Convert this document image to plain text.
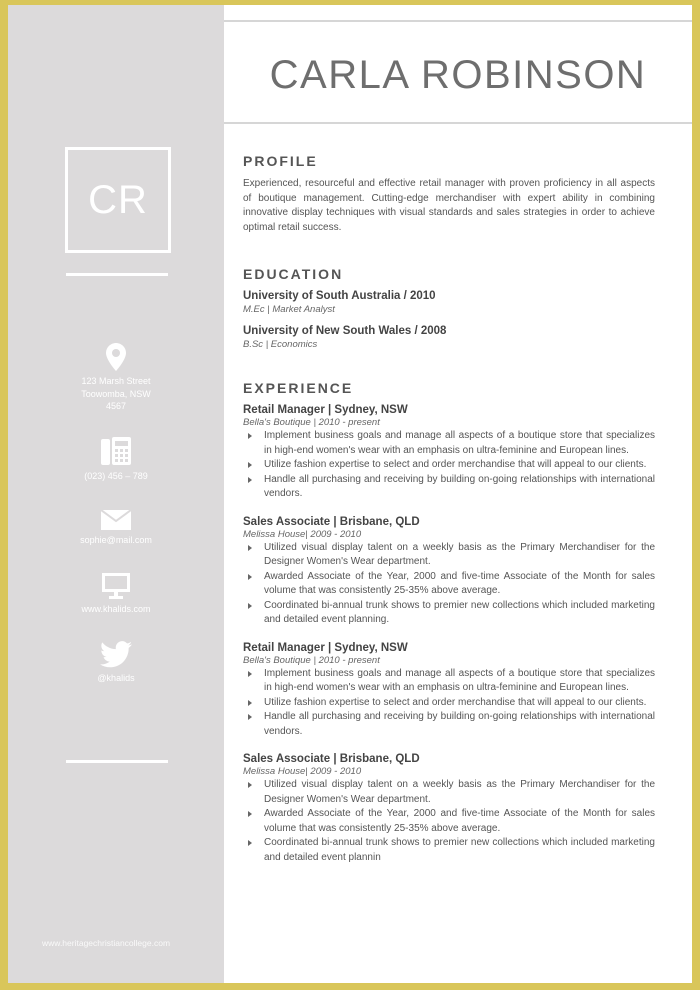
CR
123 Marsh Street
Toowomba, NSW
4567
(023) 456 – 789
sophie@mail.com
www.khalids.com
@khalids
www.heritagechristiancollege.com
CARLA ROBINSON
PROFILE

Experienced, resourceful and effective retail manager with proven proficiency in all aspects of boutique management. Cutting-edge merchandiser with expert ability in combining innovative display techniques with visual standards and sales strategies in order to achieve optimal retail success.

EDUCATION

University of South Australia / 2010

M.Ec | Market Analyst

University of New South Wales / 2008

B.Sc | Economics

EXPERIENCE

Retail Manager | Sydney, NSW

Bella's Boutique | 2010 - present

Implement business goals and manage all aspects of a boutique store that specializes in high-end women's wear with an emphasis on ultra-feminine and European lines.
Utilize fashion expertise to select and order merchandise that will appeal to our clients.
Handle all purchasing and receiving by building on-going relationships with international vendors.

Sales Associate | Brisbane, QLD

Melissa House| 2009 - 2010

Utilized visual display talent on a weekly basis as the Primary Merchandiser for the Designer Women's Wear department.
Awarded Associate of the Year, 2000 and five-time Associate of the Month for sales volume that was consistently 25-35% above average.
Coordinated bi-annual trunk shows to premier new collections which included marketing and detailed event planning.

Retail Manager | Sydney, NSW

Bella's Boutique | 2010 - present

Implement business goals and manage all aspects of a boutique store that specializes in high-end women's wear with an emphasis on ultra-feminine and European lines.
Utilize fashion expertise to select and order merchandise that will appeal to our clients.
Handle all purchasing and receiving by building on-going relationships with international vendors.

Sales Associate | Brisbane, QLD

Melissa House| 2009 - 2010

Utilized visual display talent on a weekly basis as the Primary Merchandiser for the Designer Women's Wear department.
Awarded Associate of the Year, 2000 and five-time Associate of the Month for sales volume that was consistently 25-35% above average.
Coordinated bi-annual trunk shows to premier new collections which included marketing and detailed event plannin
